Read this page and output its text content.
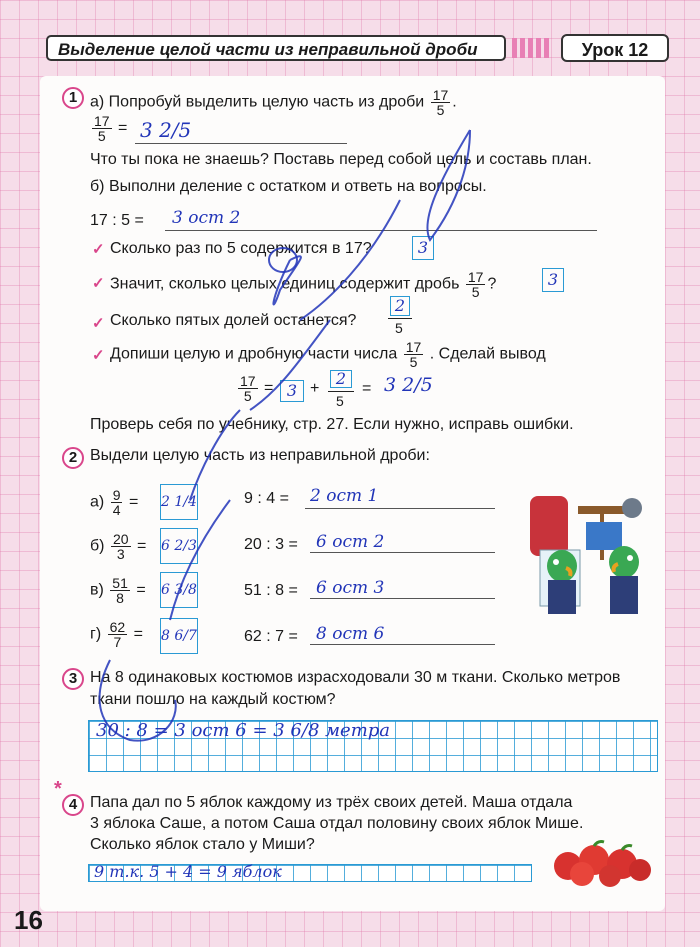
Выделение целой части из неправильной дроби	Урок 12
1 а) Попробуй выделить целую часть из дроби $\frac{17}{5}$ .
$\frac{17}{5} = 3$ 2/5
Что ты пока не знаешь? Поставь перед собой цель и составь план.
б) Выполни деление с остатком и ответь на вопросы.
17 : 5 = 3 ост 2
✓ Сколько раз по 5 содержится в 17?	3
✓ Значит, сколько целых единиц содержит дробь $\frac{17}{5}$ ?	3
✓ Сколько пятых долей останется?
2
5
✓ Допиши целую и дробную части числа $\frac{17}{5}$ . Сделай вывод
$\frac{17}{5} = 3$ +
2
5
= 3 2/5
Проверь себя по учебнику, стр. 27. Если нужно, исправь ошибки.
2 Выдели целую часть из неправильной дроби:
$а) \frac{9}{4} = 2$ 1/4	9 : 4 = 2 ост 1
$б) \frac{20}{3} = 6$ 2/3	20 : 3 = 6 ост 2
$в) \frac{51}{8} = 6$ 3/8	51 : 8 = 6 ост 3
$г) \frac{62}{7} = 8$ 6/7	62 : 7 = 8 ост 6
3 На 8 одинаковых костюмов израсходовали 30 м ткани. Сколько метров
ткани пошло на каждый костюм?
30 : 8 = 3 ост 6 = 3 6/8 метра
*
4 Папа дал по 5 яблок каждому из трёх своих детей. Маша отдала
3 яблока Саше, а потом Саша отдал половину своих яблок Мише.
Сколько яблок стало у Миши?
9 т.к. 5 + 4 = 9 яблок
16
